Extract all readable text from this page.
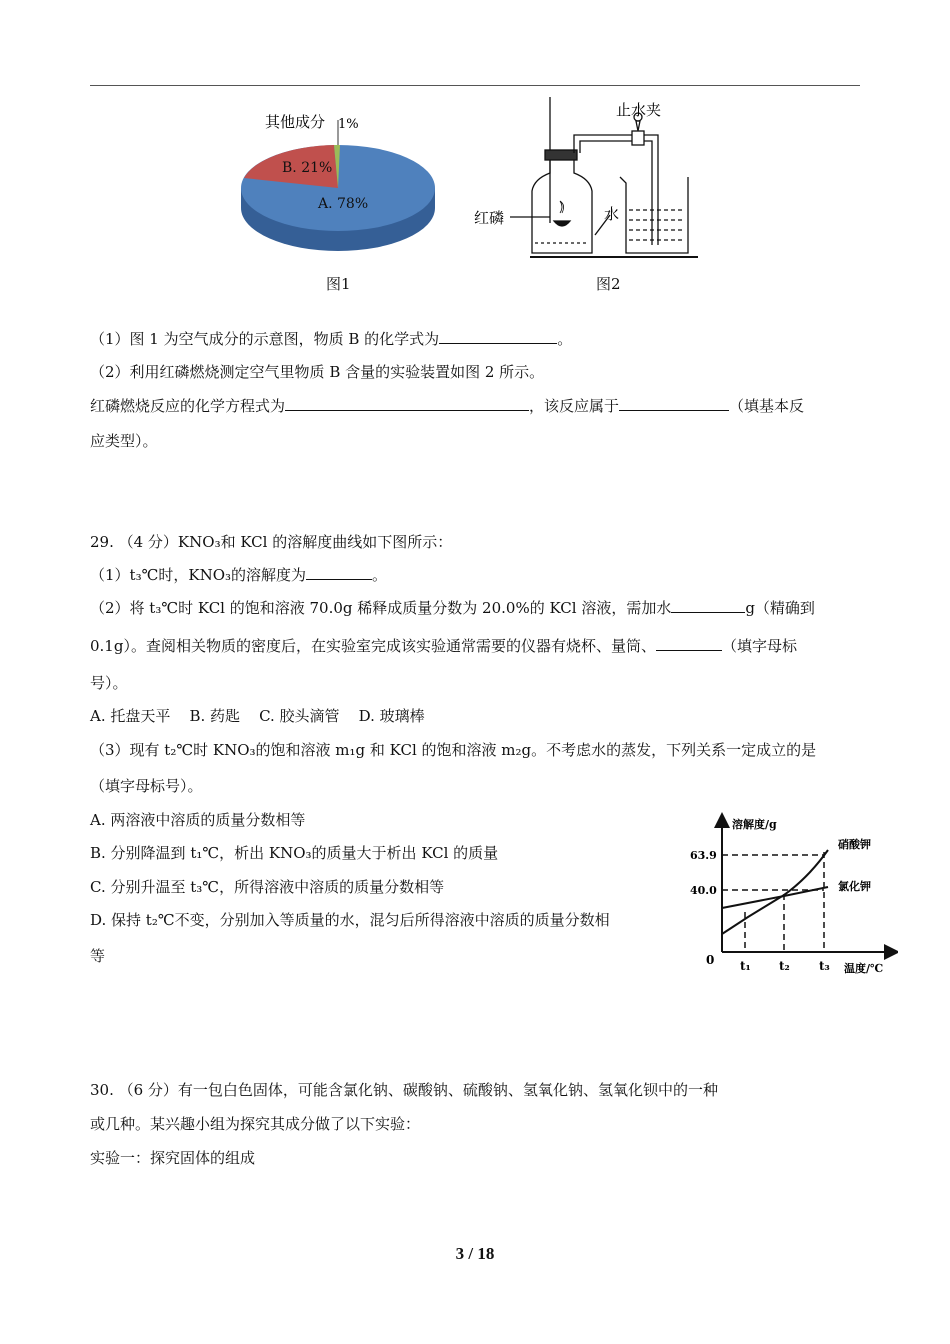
其他成分 1%
B. 21%
A. 78%
图1
止水夹
红磷	水
图2
（1）图 1 为空气成分的示意图，物质 B 的化学式为	。
（2）利用红磷燃烧测定空气里物质 B 含量的实验装置如图 2 所示。
红磷燃烧反应的化学方程式为	，该反应属于	（填基本反
应类型）。
29. （4 分）KNO₃和 KCl 的溶解度曲线如下图所示：
（1）t₃℃时，KNO₃的溶解度为	。
（2）将 t₃℃时 KCl 的饱和溶液 70.0g 稀释成质量分数为 20.0%的 KCl 溶液，需加水	g（精确到
0.1g）。查阅相关物质的密度后，在实验室完成该实验通常需要的仪器有烧杯、量筒、	（填字母标
号）。
A. 托盘天平    B. 药匙    C. 胶头滴管    D. 玻璃棒
（3）现有 t₂℃时 KNO₃的饱和溶液 m₁g 和 KCl 的饱和溶液 m₂g。不考虑水的蒸发，下列关系一定成立的是
（填字母标号）。
A. 两溶液中溶质的质量分数相等
B. 分别降温到 t₁℃，析出 KNO₃的质量大于析出 KCl 的质量
C. 分别升温至 t₃℃，所得溶液中溶质的质量分数相等
D. 保持 t₂℃不变，分别加入等质量的水，混匀后所得溶液中溶质的质量分数相
等
溶解度/g
63.9
40.0
0 t₁ t₂ t₃ 温度/℃
硝酸钾
氯化钾
30. （6 分）有一包白色固体，可能含氯化钠、碳酸钠、硫酸钠、氢氧化钠、氢氧化钡中的一种
或几种。某兴趣小组为探究其成分做了以下实验：
实验一：探究固体的组成
3 / 18
